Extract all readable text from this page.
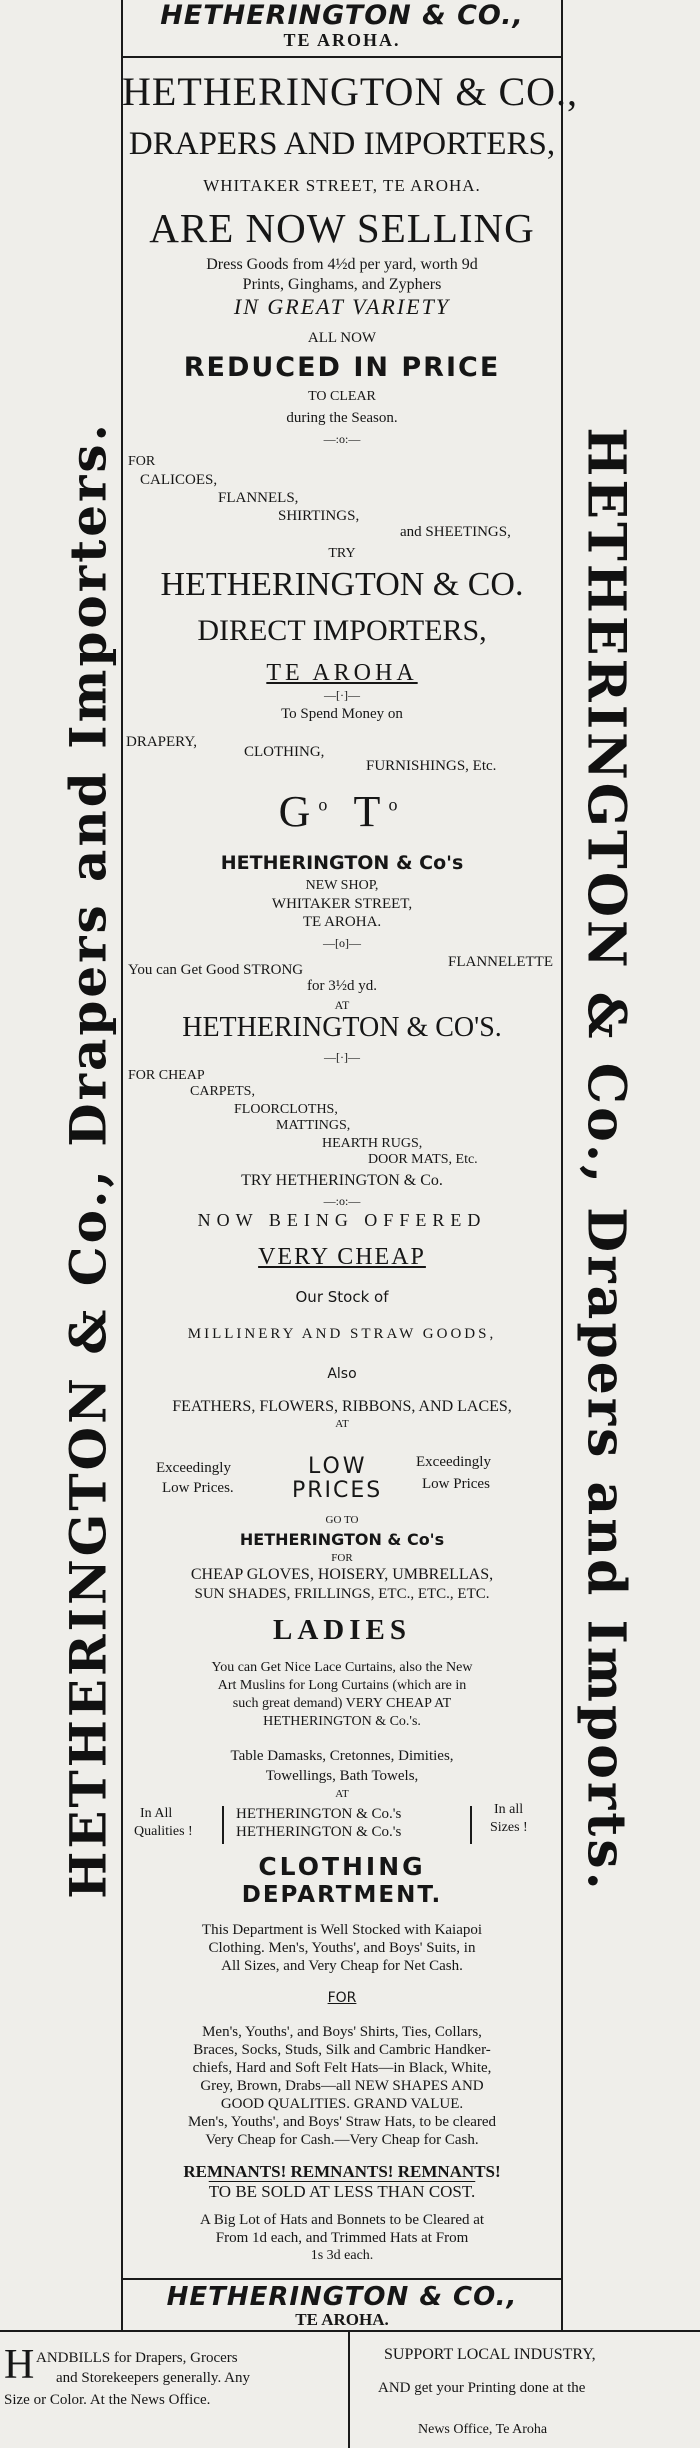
HETHERINGTON & CO.,
TE AROHA.
HETHERINGTON & Co., Drapers and Importers.	HETHERINGTON & Co., Drapers and Imports.
HETHERINGTON & CO.,
DRAPERS AND IMPORTERS,
WHITAKER STREET, TE AROHA.
ARE NOW SELLING
Dress Goods from 4½d per yard, worth 9d
Prints, Ginghams, and Zyphers
IN GREAT VARIETY
ALL NOW
REDUCED IN PRICE
TO CLEAR
during the Season.
—:o:—
FOR
CALICOES,
FLANNELS,
SHIRTINGS,
and SHEETINGS,
TRY
HETHERINGTON & CO.
DIRECT IMPORTERS,
TE AROHA
—[·]—
To Spend Money on
DRAPERY,
CLOTHING,
FURNISHINGS, Etc.
$G^o$ $T^o$
HETHERINGTON & Co's
NEW SHOP,
WHITAKER STREET,
TE AROHA.
—[o]—
You can Get Good STRONG	FLANNELETTE
for 3½d yd.
AT
HETHERINGTON & CO'S.
—[·]—
FOR CHEAP
CARPETS,
FLOORCLOTHS,
MATTINGS,
HEARTH RUGS,
DOOR MATS, Etc.
TRY HETHERINGTON & Co.
—:o:—
NOW BEING OFFERED
VERY CHEAP
Our Stock of
MILLINERY AND STRAW GOODS,
Also
FEATHERS, FLOWERS, RIBBONS, AND LACES,
AT
Exceedingly
Low Prices.
LOW
PRICES
Exceedingly
Low Prices
GO TO
HETHERINGTON & Co's
FOR
CHEAP GLOVES, HOISERY, UMBRELLAS,
SUN SHADES, FRILLINGS, ETC., ETC., ETC.
LADIES
You can Get Nice Lace Curtains, also the New
Art Muslins for Long Curtains (which are in
such great demand) VERY CHEAP AT
HETHERINGTON & Co.'s.
Table Damasks, Cretonnes, Dimities,
Towellings, Bath Towels,
AT
In All
Qualities !
HETHERINGTON & Co.'s
HETHERINGTON & Co.'s
In all
Sizes !
CLOTHING
DEPARTMENT.
This Department is Well Stocked with Kaiapoi
Clothing. Men's, Youths', and Boys' Suits, in
All Sizes, and Very Cheap for Net Cash.
FOR
Men's, Youths', and Boys' Shirts, Ties, Collars,
Braces, Socks, Studs, Silk and Cambric Handker-
chiefs, Hard and Soft Felt Hats—in Black, White,
Grey, Brown, Drabs—all NEW SHAPES AND
GOOD QUALITIES. GRAND VALUE.
Men's, Youths', and Boys' Straw Hats, to be cleared
Very Cheap for Cash.—Very Cheap for Cash.
REMNANTS! REMNANTS! REMNANTS!
TO BE SOLD AT LESS THAN COST.
A Big Lot of Hats and Bonnets to be Cleared at
From 1d each, and Trimmed Hats at From
1s 3d each.
HETHERINGTON & CO.,
TE AROHA.
H ANDBILLS for Drapers, Grocers
and Storekeepers generally. Any
Size or Color. At the News Office.
SUPPORT LOCAL INDUSTRY,
AND get your Printing done at the
News Office, Te Aroha
